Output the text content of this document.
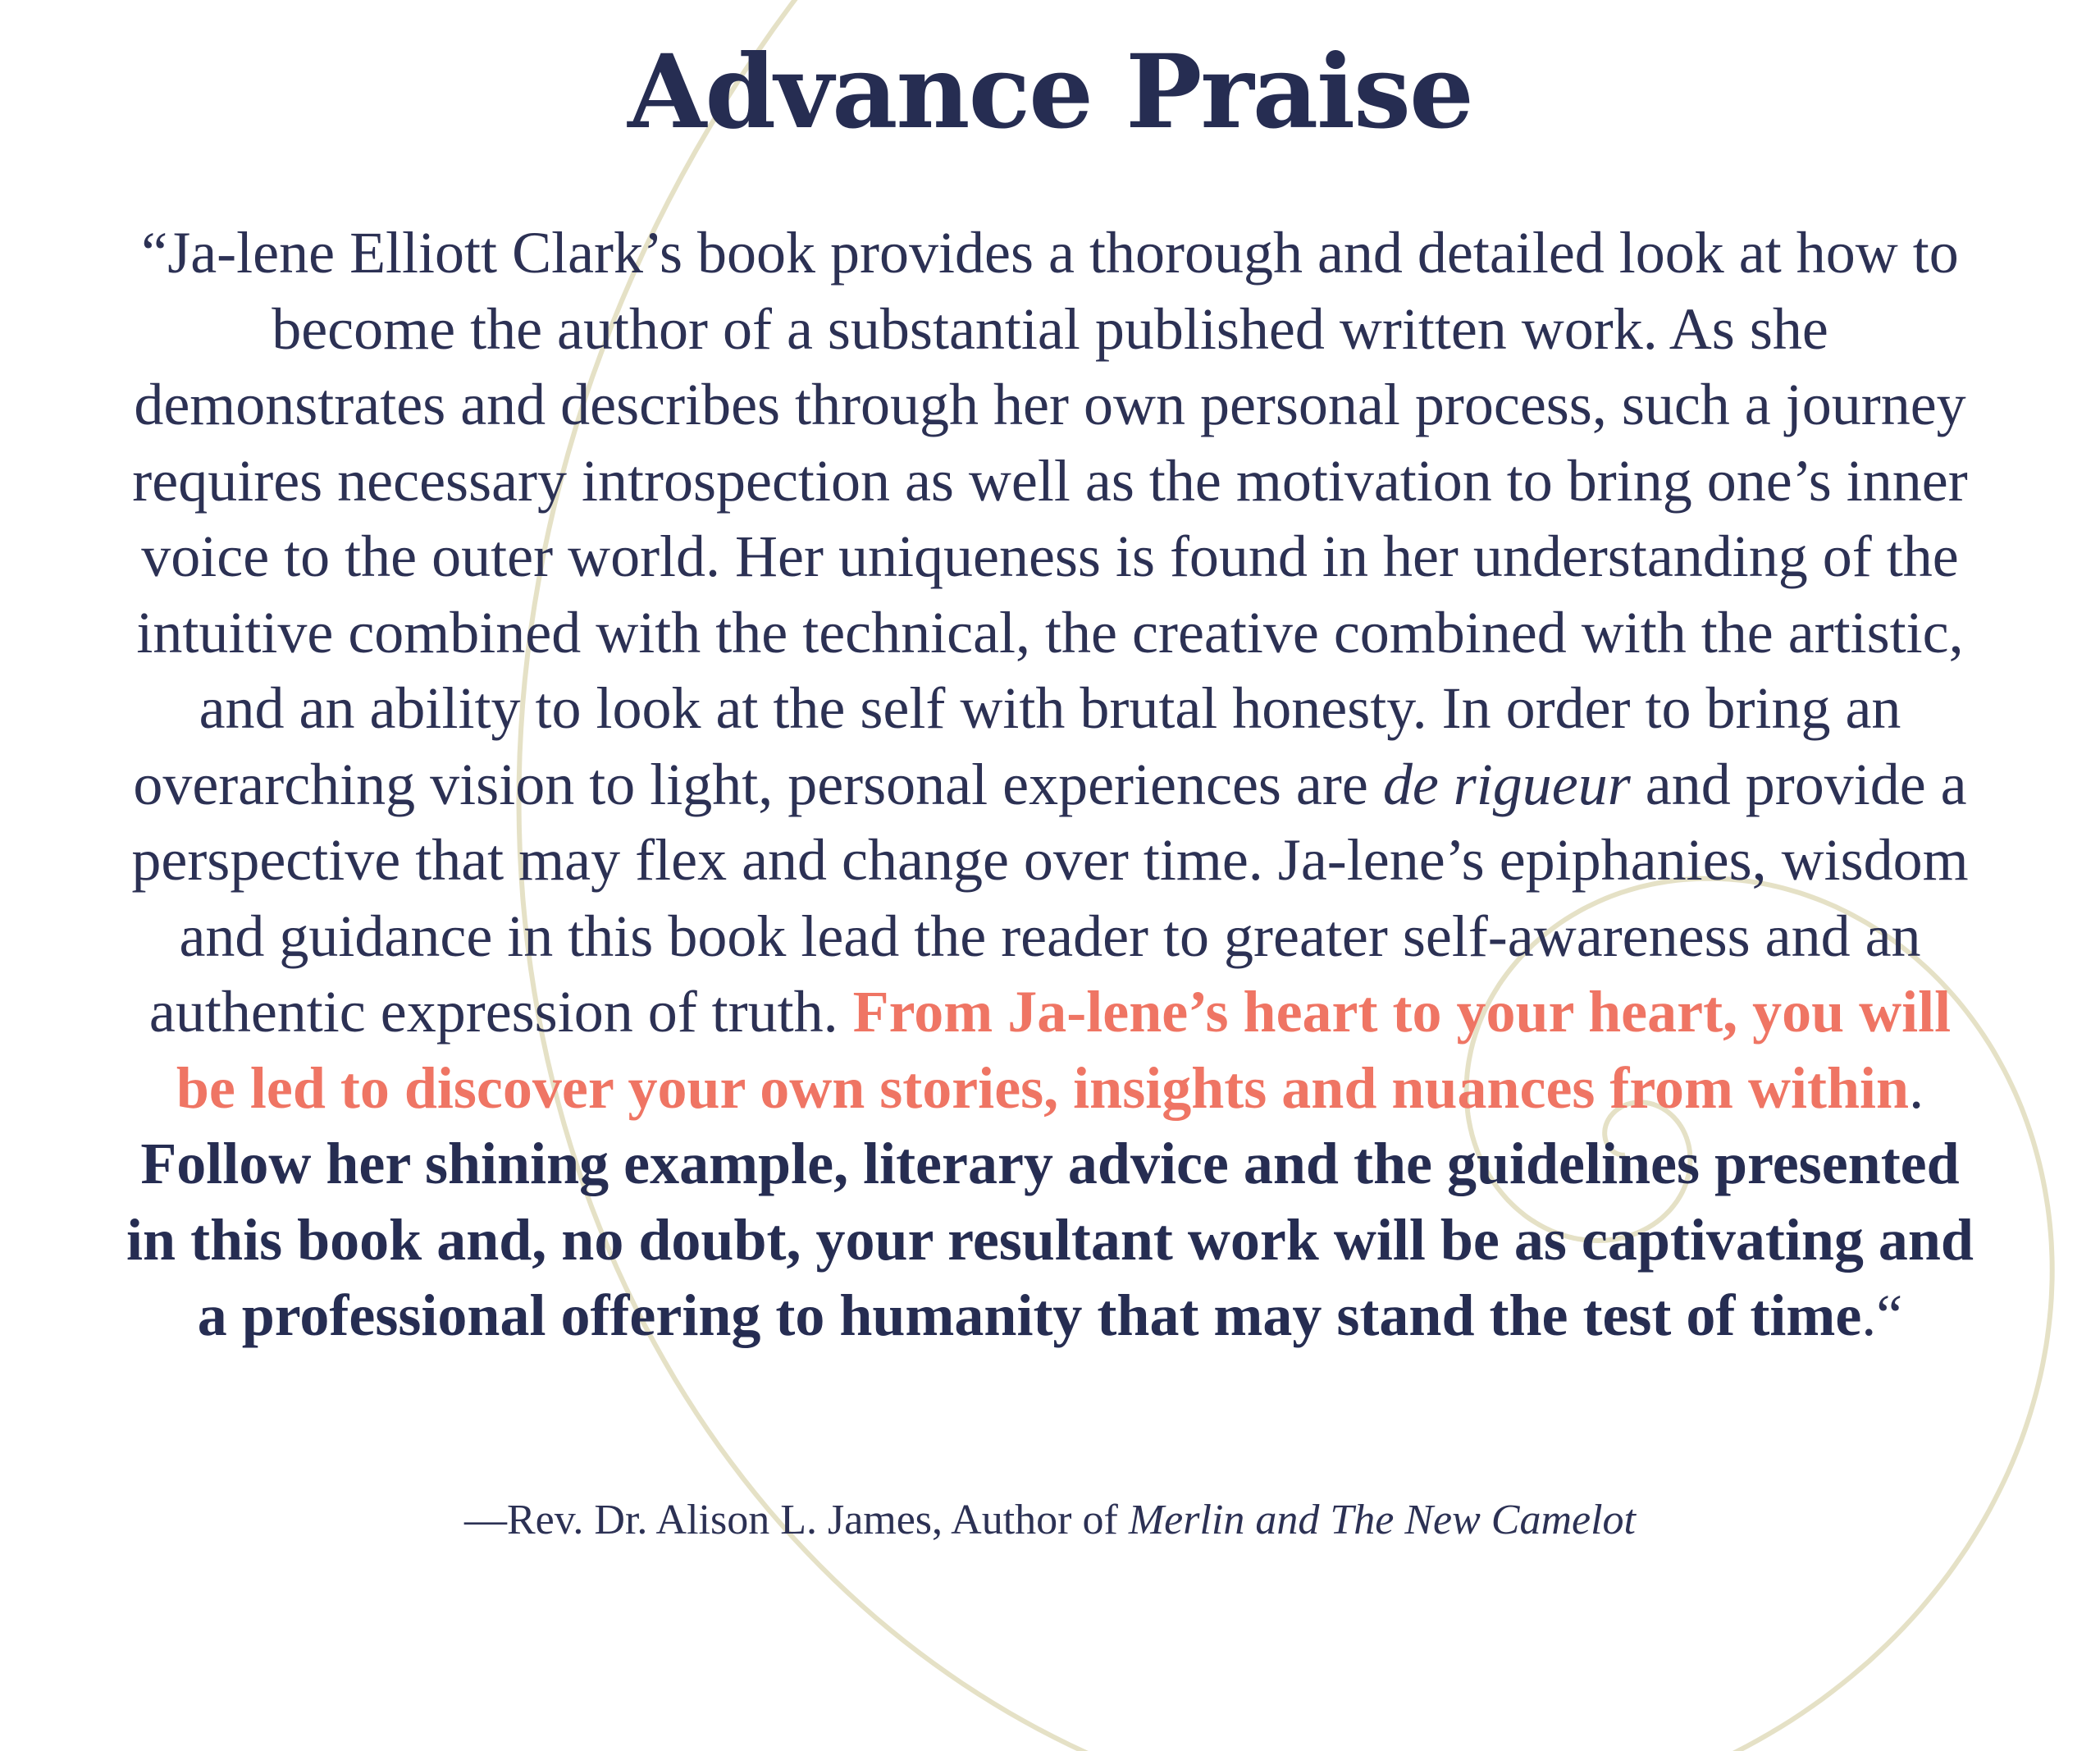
Advance Praise

“Ja-lene Elliott Clark’s book provides a thorough and detailed look at how to become the author of a substantial published written work. As she demonstrates and describes through her own personal process, such a journey requires necessary introspection as well as the motivation to bring one’s inner voice to the outer world. Her uniqueness is found in her understanding of the intuitive combined with the technical, the creative combined with the artistic, and an ability to look at the self with brutal honesty. In order to bring an overarching vision to light, personal experiences are de rigueur and provide a perspective that may flex and change over time. Ja-lene’s epiphanies, wisdom and guidance in this book lead the reader to greater self-awareness and an authentic expression of truth. From Ja-lene’s heart to your heart, you will be led to discover your own stories, insights and nuances from within. Follow her shining example, literary advice and the guidelines presented in this book and, no doubt, your resultant work will be as captivating and a professional offering to humanity that may stand the test of time.“

—Rev. Dr. Alison L. James, Author of Merlin and The New Camelot
